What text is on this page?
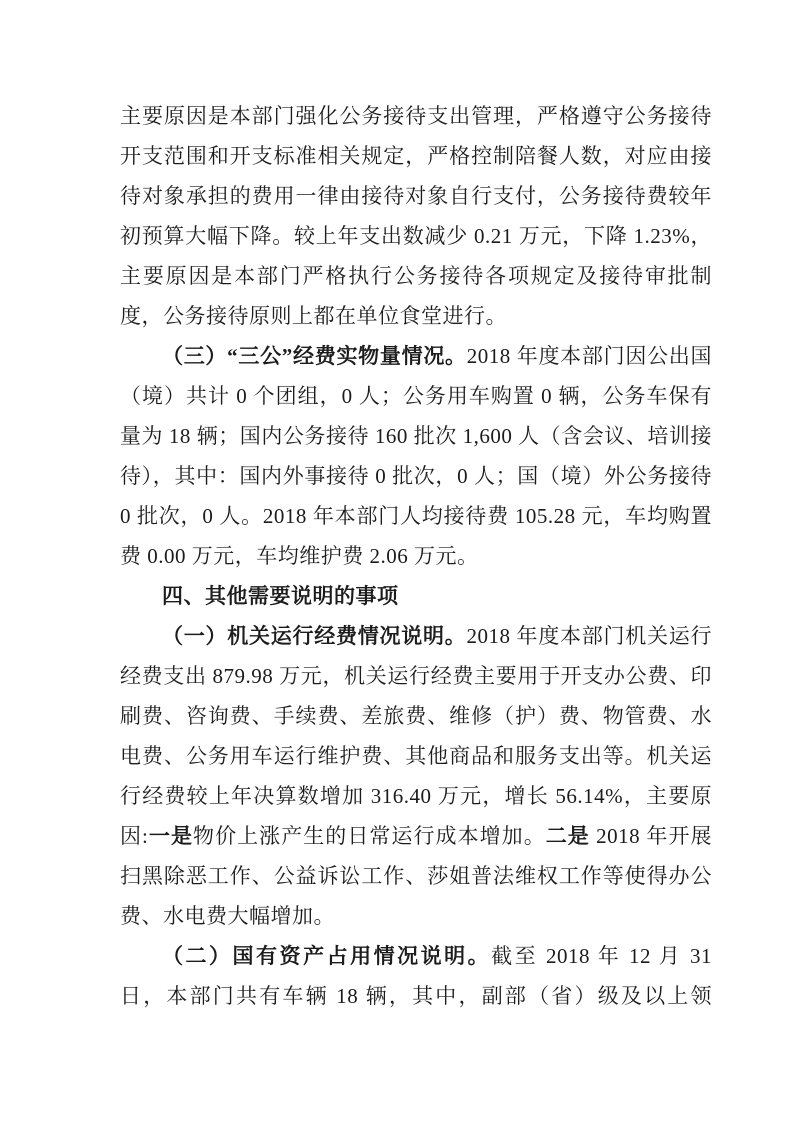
主要原因是本部门强化公务接待支出管理，严格遵守公务接待开支范围和开支标准相关规定，严格控制陪餐人数，对应由接待对象承担的费用一律由接待对象自行支付，公务接待费较年初预算大幅下降。较上年支出数减少 0.21 万元，下降 1.23%，主要原因是本部门严格执行公务接待各项规定及接待审批制度，公务接待原则上都在单位食堂进行。
（三）“三公”经费实物量情况。2018 年度本部门因公出国（境）共计 0 个团组，0 人；公务用车购置 0 辆，公务车保有量为 18 辆；国内公务接待 160 批次 1,600 人（含会议、培训接待），其中：国内外事接待 0 批次，0 人；国（境）外公务接待 0 批次，0 人。2018 年本部门人均接待费 105.28 元，车均购置费 0.00 万元，车均维护费 2.06 万元。
四、其他需要说明的事项
（一）机关运行经费情况说明。2018 年度本部门机关运行经费支出 879.98 万元，机关运行经费主要用于开支办公费、印刷费、咨询费、手续费、差旅费、维修（护）费、物管费、水电费、公务用车运行维护费、其他商品和服务支出等。机关运行经费较上年决算数增加 316.40 万元，增长 56.14%，主要原因:一是物价上涨产生的日常运行成本增加。二是 2018 年开展扫黑除恶工作、公益诉讼工作、莎姐普法维权工作等使得办公费、水电费大幅增加。
（二）国有资产占用情况说明。截至 2018 年 12 月 31 日，本部门共有车辆 18 辆，其中，副部（省）级及以上领
